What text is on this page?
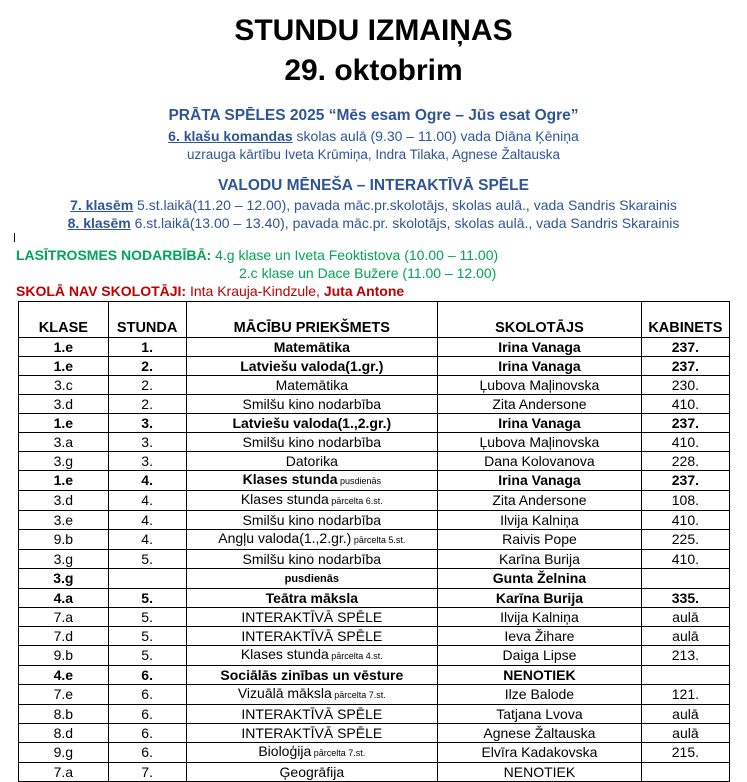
STUNDU IZMAIŅAS
29. oktobrim
PRĀTA SPĒLES 2025 “Mēs esam Ogre – Jūs esat Ogre”
6. klašu komandas skolas aulā (9.30 – 11.00) vada Diāna Ķēniņa
uzrauga kārtību Iveta Krūmiņa, Indra Tilaka, Agnese Žaltauska
VALODU MĒNEŠA – INTERAKTĪVĀ SPĒLE
7. klasēm 5.st.laikā(11.20 – 12.00), pavada māc.pr.skolotājs, skolas aulā., vada Sandris Skarainis
8. klasēm 6.st.laikā(13.00 – 13.40), pavada māc.pr. skolotājs, skolas aulā., vada Sandris Skarainis
LASĪTROSMES NODARBĪBĀ: 4.g klase un Iveta Feoktistova (10.00 – 11.00)
2.c klase un Dace Bužere (11.00 – 12.00)
SKOLĀ NAV SKOLOTĀJI: Inta Krauja-Kindzule, Juta Antone
KLASE	STUNDA	MĀCĪBU PRIEKŠMETS	SKOLOTĀJS	KABINETS
1.e	1.	Matemātika	Irina Vanaga	237.
1.e	2.	Latviešu valoda(1.gr.)	Irina Vanaga	237.
3.c	2.	Matemātika	Ļubova Maļinovska	230.
3.d	2.	Smilšu kino nodarbība	Zita Andersone	410.
1.e	3.	Latviešu valoda(1.,2.gr.)	Irina Vanaga	237.
3.a	3.	Smilšu kino nodarbība	Ļubova Maļinovska	410.
3.g	3.	Datorika	Dana Kolovanova	228.
1.e	4.	Klases stunda pusdienās	Irina Vanaga	237.
3.d	4.	Klases stunda pārcelta 6.st.	Zita Andersone	108.
3.e	4.	Smilšu kino nodarbība	Ilvija Kalniņa	410.
9.b	4.	Angļu valoda(1.,2.gr.) pārcelta 5.st.	Raivis Pope	225.
3.g	5.	Smilšu kino nodarbība	Karīna Burija	410.
3.g		pusdienās	Gunta Želnina	
4.a	5.	Teātra māksla	Karīna Burija	335.
7.a	5.	INTERAKTĪVĀ SPĒLE	Ilvija Kalniņa	aulā
7.d	5.	INTERAKTĪVĀ SPĒLE	Ieva Žihare	aulā
9.b	5.	Klases stunda pārcelta 4.st.	Daiga Lipse	213.
4.e	6.	Sociālās zinības un vēsture	NENOTIEK	
7.e	6.	Vizuālā māksla pārcelta 7.st.	Ilze Balode	121.
8.b	6.	INTERAKTĪVĀ SPĒLE	Tatjana Lvova	aulā
8.d	6.	INTERAKTĪVĀ SPĒLE	Agnese Žaltauska	aulā
9.g	6.	Bioloģija pārcelta 7.st.	Elvīra Kadakovska	215.
7.a	7.	Ģeogrāfija	NENOTIEK	
